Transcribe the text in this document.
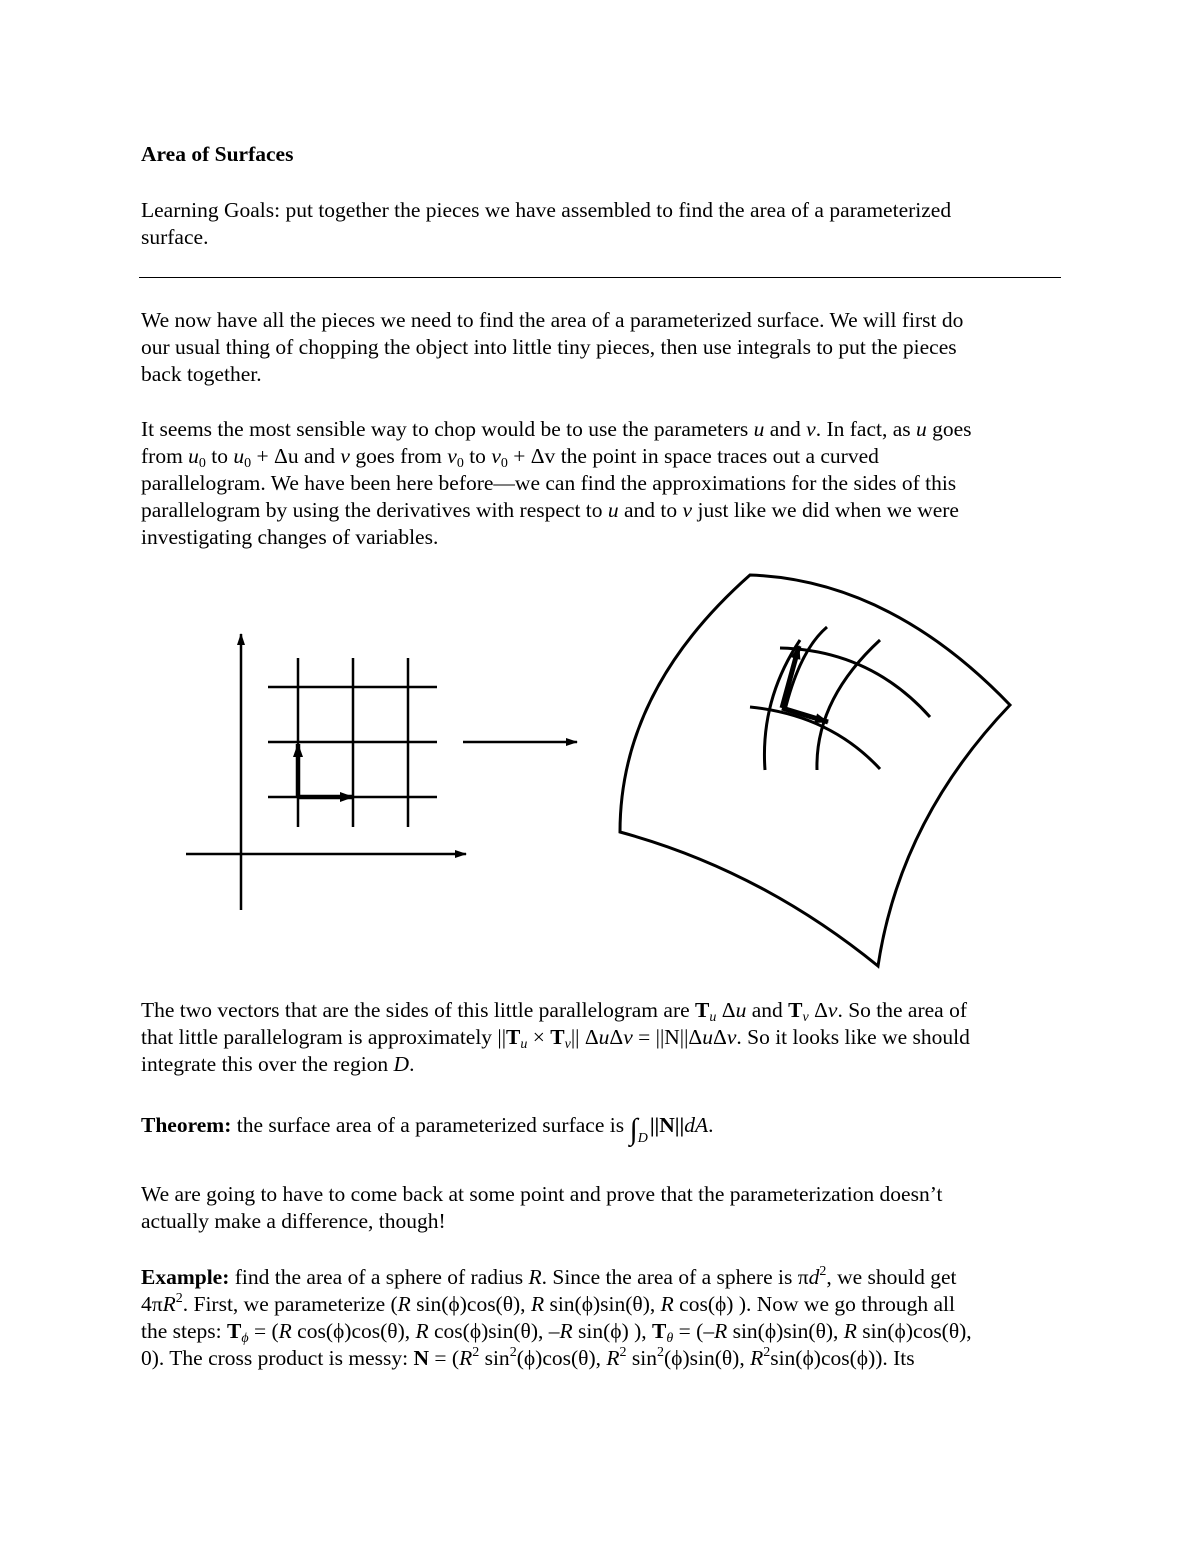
Area of Surfaces
Learning Goals: put together the pieces we have assembled to find the area of a parameterized
surface.
We now have all the pieces we need to find the area of a parameterized surface. We will first do
our usual thing of chopping the object into little tiny pieces, then use integrals to put the pieces
back together.
It seems the most sensible way to chop would be to use the parameters u and v. In fact, as u goes
from $u_0$ to $u_0 + \Delta u$ and v goes from $v_0$ to $v_0 + \Delta v$ the point in space traces out a curved
parallelogram. We have been here before—we can find the approximations for the sides of this
parallelogram by using the derivatives with respect to u and to v just like we did when we were
investigating changes of variables.
The two vectors that are the sides of this little parallelogram are $T_u$ Δu and $T_v$ Δv. So the area of
that little parallelogram is approximately $||T_u \times T_v||$ ΔuΔv = ||N||ΔuΔv. So it looks like we should
integrate this over the region D.
Theorem: the surface area of a parameterized surface is $\int_D||N||dA$.
We are going to have to come back at some point and prove that the parameterization doesn’t
actually make a difference, though!
Example: find the area of a sphere of radius R. Since the area of a sphere is $\pi d^2$, we should get
$4\pi R^2$. First, we parameterize (R sin(ϕ)cos(θ), R sin(ϕ)sin(θ), R cos(ϕ) ). Now we go through all
the steps: $T_\phi = (R$ cos(ϕ)cos(θ), R cos(ϕ)sin(θ), –R sin(ϕ) ), $T_\theta = (-R$ sin(ϕ)sin(θ), R sin(ϕ)cos(θ),
0). The cross product is messy: $N = (R^2$ $\sin^2(\phi)\cos(\theta)$, $R^2$ $\sin^2(\phi)\sin(\theta)$, $R^2\sin(\phi)\cos(\phi)$). Its
